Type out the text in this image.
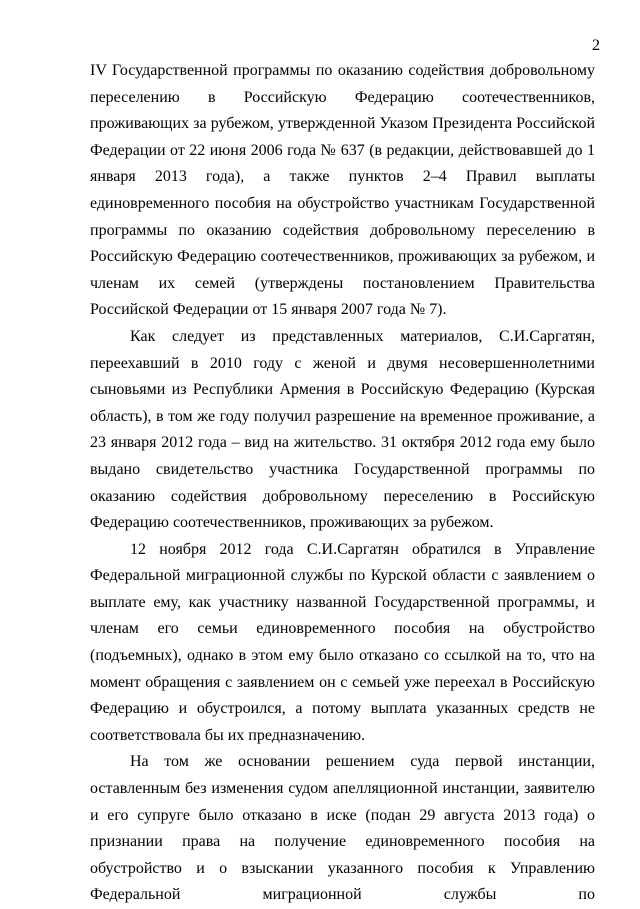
2

IV Государственной программы по оказанию содействия добровольному переселению в Российскую Федерацию соотечественников, проживающих за рубежом, утвержденной Указом Президента Российской Федерации от 22 июня 2006 года № 637 (в редакции, действовавшей до 1 января 2013 года), а также пунктов 2–4 Правил выплаты единовременного пособия на обустройство участникам Государственной программы по оказанию содействия добровольному переселению в Российскую Федерацию соотечественников, проживающих за рубежом, и членам их семей (утверждены постановлением Правительства Российской Федерации от 15 января 2007 года № 7).

Как следует из представленных материалов, С.И.Саргатян, переехавший в 2010 году с женой и двумя несовершеннолетними сыновьями из Республики Армения в Российскую Федерацию (Курская область), в том же году получил разрешение на временное проживание, а 23 января 2012 года – вид на жительство. 31 октября 2012 года ему было выдано свидетельство участника Государственной программы по оказанию содействия добровольному переселению в Российскую Федерацию соотечественников, проживающих за рубежом.

12 ноября 2012 года С.И.Саргатян обратился в Управление Федеральной миграционной службы по Курской области с заявлением о выплате ему, как участнику названной Государственной программы, и членам его семьи единовременного пособия на обустройство (подъемных), однако в этом ему было отказано со ссылкой на то, что на момент обращения с заявлением он с семьей уже переехал в Российскую Федерацию и обустроился, а потому выплата указанных средств не соответствовала бы их предназначению.

На том же основании решением суда первой инстанции, оставленным без изменения судом апелляционной инстанции, заявителю и его супруге было отказано в иске (подан 29 августа 2013 года) о признании права на получение единовременного пособия на обустройство и о взыскании указанного пособия к Управлению Федеральной миграционной службы по
